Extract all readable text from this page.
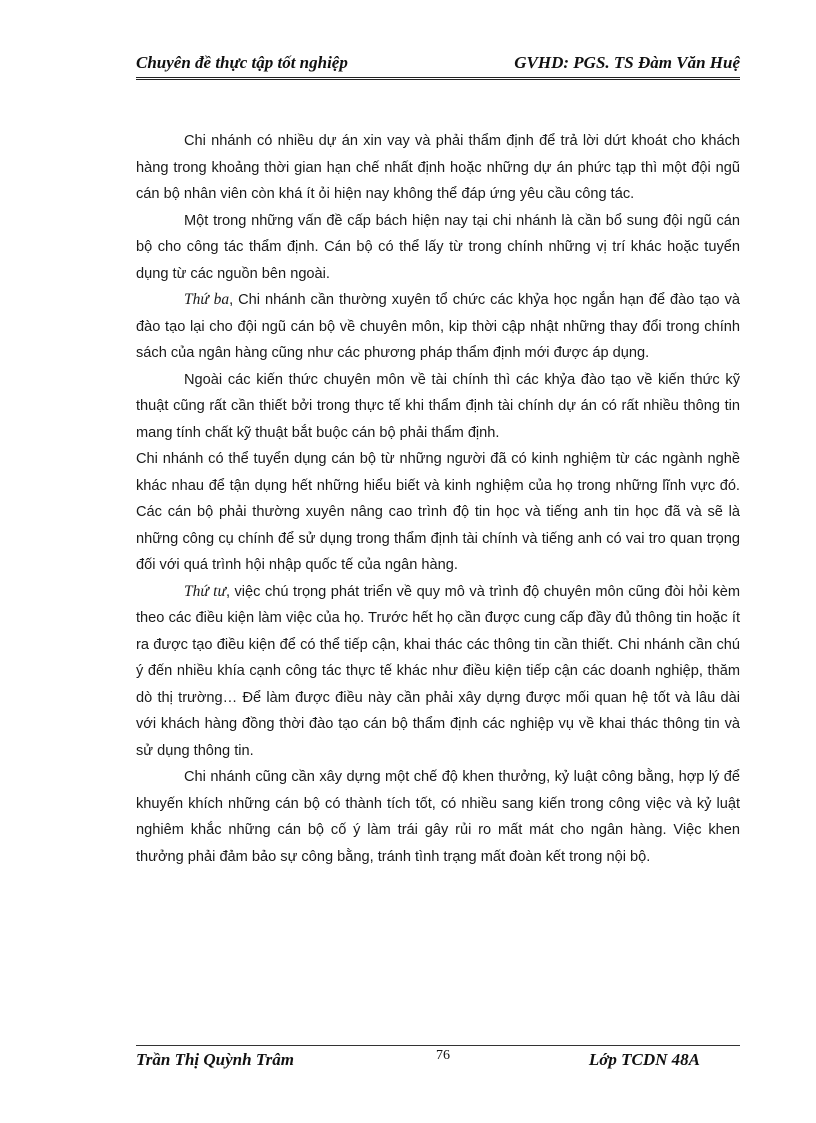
Chuyên đề thực tập tốt nghiệp	GVHD: PGS. TS Đàm Văn Huệ

Chi nhánh có nhiều dự án xin vay và phải thẩm định để trả lời dứt khoát cho khách hàng trong khoảng thời gian hạn chế nhất định hoặc những dự án phức tạp thì một đội ngũ cán bộ nhân viên còn khá ít ỏi hiện nay không thể đáp ứng yêu cầu công tác.

Một trong những vấn đề cấp bách hiện nay tại chi nhánh là cần bổ sung đội ngũ cán bộ cho công tác thẩm định. Cán bộ có thể lấy từ trong chính những vị trí khác hoặc tuyển dụng từ các nguồn bên ngoài.

Thứ ba, Chi nhánh cần thường xuyên tổ chức các khỷa học ngắn hạn để đào tạo và đào tạo lại cho đội ngũ cán bộ về chuyên môn, kip thời cập nhật những thay đổi trong chính sách của ngân hàng cũng như các phương pháp thẩm định mới được áp dụng.

Ngoài các kiến thức chuyên môn về tài chính thì các khỷa đào tạo về kiến thức kỹ thuật cũng rất cần thiết bởi trong thực tế khi thẩm định tài chính dự án có rất nhiều thông tin mang tính chất kỹ thuật bắt buộc cán bộ phải thẩm định.

Chi nhánh có thể tuyển dụng cán bộ từ những người đã có kinh nghiệm từ các ngành nghề khác nhau để tận dụng hết những hiểu biết và kinh nghiệm của họ trong những lĩnh vực đó. Các cán bộ phải thường xuyên nâng cao trình độ tin học và tiếng anh tin học đã và sẽ là những công cụ chính để sử dụng trong thẩm định tài chính và tiếng anh có vai tro quan trọng đối với quá trình hội nhập quốc tế của ngân hàng.

Thứ tư, việc chú trọng phát triển về quy mô và trình độ chuyên môn cũng đòi hỏi kèm theo các điều kiện làm việc của họ. Trước hết họ cần được cung cấp đầy đủ thông tin hoặc ít ra được tạo điều kiện để có thể tiếp cận, khai thác các thông tin cần thiết. Chi nhánh cần chú ý đến nhiều khía cạnh công tác thực tế khác như điều kiện tiếp cận các doanh nghiệp, thăm dò thị trường… Để làm được điều này cần phải xây dựng được mối quan hệ tốt và lâu dài với khách hàng đồng thời đào tạo cán bộ thẩm định các nghiệp vụ về khai thác thông tin và sử dụng thông tin.

Chi nhánh cũng cần xây dựng một chế độ khen thưởng, kỷ luật công bằng, hợp lý để khuyến khích những cán bộ có thành tích tốt, có nhiều sang kiến trong công việc và kỷ luật nghiêm khắc những cán bộ cố ý làm trái gây rủi ro mất mát cho ngân hàng. Việc khen thưởng phải đảm bảo sự công bằng, tránh tình trạng mất đoàn kết trong nội bộ.

Trần Thị Quỳnh Trâm	76	Lớp TCDN 48A
